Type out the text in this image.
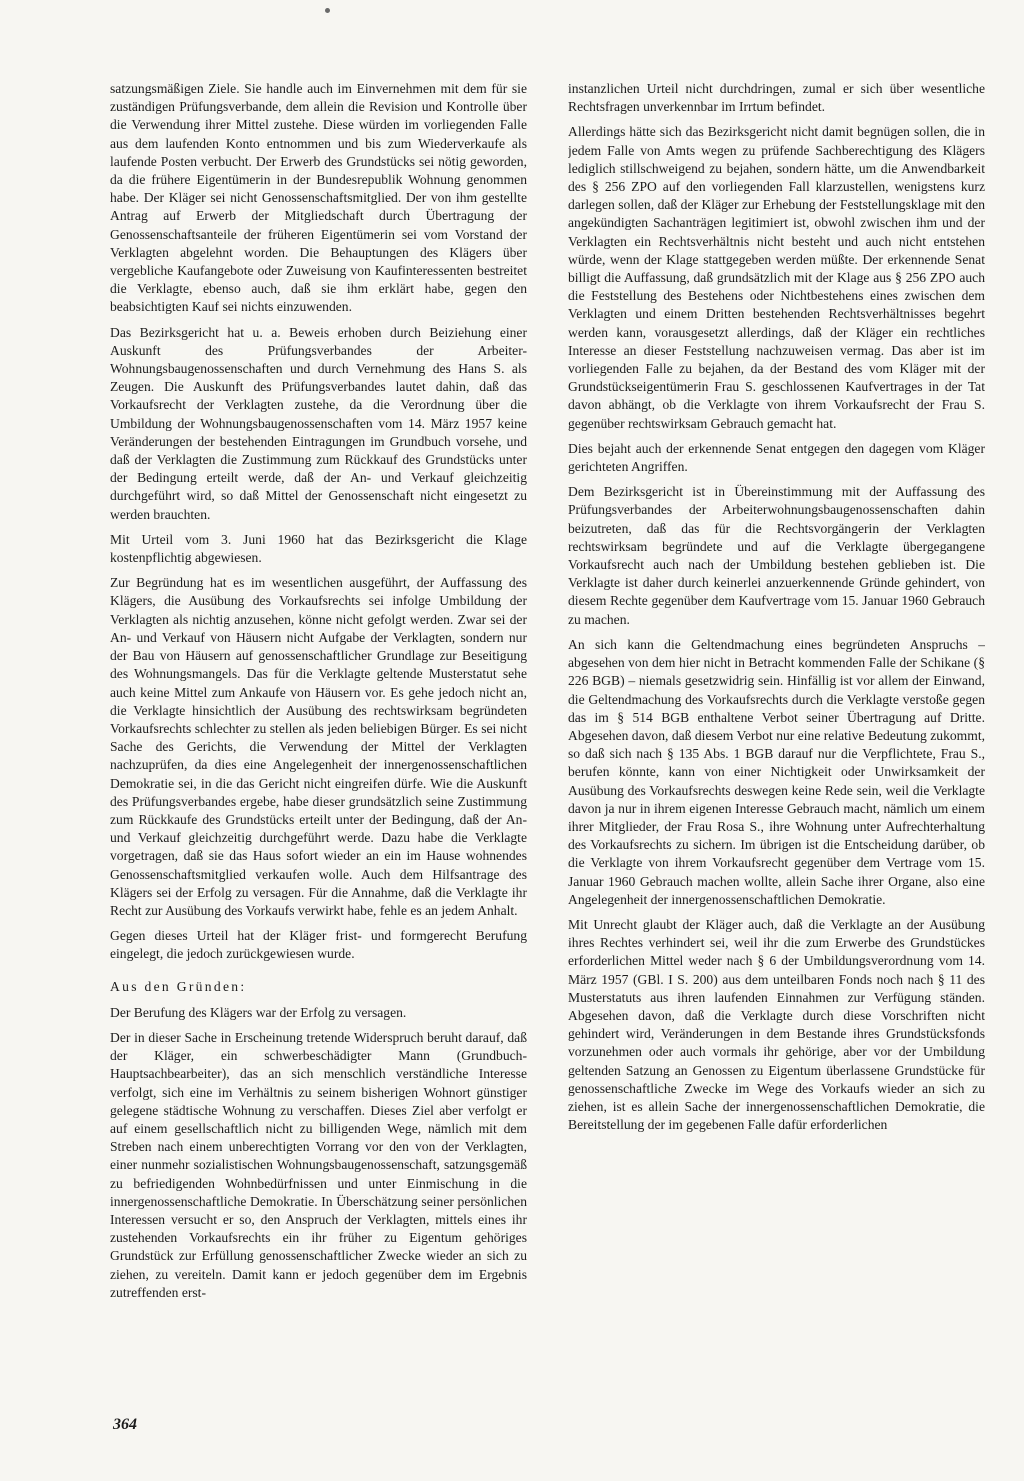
satzungsmäßigen Ziele. Sie handle auch im Einvernehmen mit dem für sie zuständigen Prüfungsverbande, dem allein die Revision und Kontrolle über die Verwendung ihrer Mittel zustehe. Diese würden im vorliegenden Falle aus dem laufenden Konto entnommen und bis zum Wiederverkaufe als laufende Posten verbucht. Der Erwerb des Grundstücks sei nötig geworden, da die frühere Eigentümerin in der Bundesrepublik Wohnung genommen habe. Der Kläger sei nicht Genossenschaftsmitglied. Der von ihm gestellte Antrag auf Erwerb der Mitgliedschaft durch Übertragung der Genossenschaftsanteile der früheren Eigentümerin sei vom Vorstand der Verklagten abgelehnt worden. Die Behauptungen des Klägers über vergebliche Kaufangebote oder Zuweisung von Kaufinteressenten bestreitet die Verklagte, ebenso auch, daß sie ihm erklärt habe, gegen den beabsichtigten Kauf sei nichts einzuwenden.

Das Bezirksgericht hat u. a. Beweis erhoben durch Beiziehung einer Auskunft des Prüfungsverbandes der Arbeiter-Wohnungsbaugenossenschaften und durch Vernehmung des Hans S. als Zeugen. Die Auskunft des Prüfungsverbandes lautet dahin, daß das Vorkaufsrecht der Verklagten zustehe, da die Verordnung über die Umbildung der Wohnungsbaugenossenschaften vom 14. März 1957 keine Veränderungen der bestehenden Eintragungen im Grundbuch vorsehe, und daß der Verklagten die Zustimmung zum Rückkauf des Grundstücks unter der Bedingung erteilt werde, daß der An- und Verkauf gleichzeitig durchgeführt wird, so daß Mittel der Genossenschaft nicht eingesetzt zu werden brauchten.

Mit Urteil vom 3. Juni 1960 hat das Bezirksgericht die Klage kostenpflichtig abgewiesen.

Zur Begründung hat es im wesentlichen ausgeführt, der Auffassung des Klägers, die Ausübung des Vorkaufsrechts sei infolge Umbildung der Verklagten als nichtig anzusehen, könne nicht gefolgt werden. Zwar sei der An- und Verkauf von Häusern nicht Aufgabe der Verklagten, sondern nur der Bau von Häusern auf genossenschaftlicher Grundlage zur Beseitigung des Wohnungsmangels. Das für die Verklagte geltende Musterstatut sehe auch keine Mittel zum Ankaufe von Häusern vor. Es gehe jedoch nicht an, die Verklagte hinsichtlich der Ausübung des rechtswirksam begründeten Vorkaufsrechts schlechter zu stellen als jeden beliebigen Bürger. Es sei nicht Sache des Gerichts, die Verwendung der Mittel der Verklagten nachzuprüfen, da dies eine Angelegenheit der innergenossenschaftlichen Demokratie sei, in die das Gericht nicht eingreifen dürfe. Wie die Auskunft des Prüfungsverbandes ergebe, habe dieser grundsätzlich seine Zustimmung zum Rückkaufe des Grundstücks erteilt unter der Bedingung, daß der An- und Verkauf gleichzeitig durchgeführt werde. Dazu habe die Verklagte vorgetragen, daß sie das Haus sofort wieder an ein im Hause wohnendes Genossenschaftsmitglied verkaufen wolle. Auch dem Hilfsantrage des Klägers sei der Erfolg zu versagen. Für die Annahme, daß die Verklagte ihr Recht zur Ausübung des Vorkaufs verwirkt habe, fehle es an jedem Anhalt.

Gegen dieses Urteil hat der Kläger frist- und formgerecht Berufung eingelegt, die jedoch zurückgewiesen wurde.

Aus den Gründen:

Der Berufung des Klägers war der Erfolg zu versagen.

Der in dieser Sache in Erscheinung tretende Widerspruch beruht darauf, daß der Kläger, ein schwerbeschädigter Mann (Grundbuch-Hauptsachbearbeiter), das an sich menschlich verständliche Interesse verfolgt, sich eine im Verhältnis zu seinem bisherigen Wohnort günstiger gelegene städtische Wohnung zu verschaffen. Dieses Ziel aber verfolgt er auf einem gesellschaftlich nicht zu billigenden Wege, nämlich mit dem Streben nach einem unberechtigten Vorrang vor den von der Verklagten, einer nunmehr sozialistischen Wohnungsbaugenossenschaft, satzungsgemäß zu befriedigenden Wohnbedürfnissen und unter Einmischung in die innergenossenschaftliche Demokratie. In Überschätzung seiner persönlichen Interessen versucht er so, den Anspruch der Verklagten, mittels eines ihr zustehenden Vorkaufsrechts ein ihr früher zu Eigentum gehöriges Grundstück zur Erfüllung genossenschaftlicher Zwecke wieder an sich zu ziehen, zu vereiteln. Damit kann er jedoch gegenüber dem im Ergebnis zutreffenden erst-

instanzlichen Urteil nicht durchdringen, zumal er sich über wesentliche Rechtsfragen unverkennbar im Irrtum befindet.

Allerdings hätte sich das Bezirksgericht nicht damit begnügen sollen, die in jedem Falle von Amts wegen zu prüfende Sachberechtigung des Klägers lediglich stillschweigend zu bejahen, sondern hätte, um die Anwendbarkeit des § 256 ZPO auf den vorliegenden Fall klarzustellen, wenigstens kurz darlegen sollen, daß der Kläger zur Erhebung der Feststellungsklage mit den angekündigten Sachanträgen legitimiert ist, obwohl zwischen ihm und der Verklagten ein Rechtsverhältnis nicht besteht und auch nicht entstehen würde, wenn der Klage stattgegeben werden müßte. Der erkennende Senat billigt die Auffassung, daß grundsätzlich mit der Klage aus § 256 ZPO auch die Feststellung des Bestehens oder Nichtbestehens eines zwischen dem Verklagten und einem Dritten bestehenden Rechtsverhältnisses begehrt werden kann, vorausgesetzt allerdings, daß der Kläger ein rechtliches Interesse an dieser Feststellung nachzuweisen vermag. Das aber ist im vorliegenden Falle zu bejahen, da der Bestand des vom Kläger mit der Grundstückseigentümerin Frau S. geschlossenen Kaufvertrages in der Tat davon abhängt, ob die Verklagte von ihrem Vorkaufsrecht der Frau S. gegenüber rechtswirksam Gebrauch gemacht hat.

Dies bejaht auch der erkennende Senat entgegen den dagegen vom Kläger gerichteten Angriffen.

Dem Bezirksgericht ist in Übereinstimmung mit der Auffassung des Prüfungsverbandes der Arbeiterwohnungsbaugenossenschaften dahin beizutreten, daß das für die Rechtsvorgängerin der Verklagten rechtswirksam begründete und auf die Verklagte übergegangene Vorkaufsrecht auch nach der Umbildung bestehen geblieben ist. Die Verklagte ist daher durch keinerlei anzuerkennende Gründe gehindert, von diesem Rechte gegenüber dem Kaufvertrage vom 15. Januar 1960 Gebrauch zu machen.

An sich kann die Geltendmachung eines begründeten Anspruchs – abgesehen von dem hier nicht in Betracht kommenden Falle der Schikane (§ 226 BGB) – niemals gesetzwidrig sein. Hinfällig ist vor allem der Einwand, die Geltendmachung des Vorkaufsrechts durch die Verklagte verstoße gegen das im § 514 BGB enthaltene Verbot seiner Übertragung auf Dritte. Abgesehen davon, daß diesem Verbot nur eine relative Bedeutung zukommt, so daß sich nach § 135 Abs. 1 BGB darauf nur die Verpflichtete, Frau S., berufen könnte, kann von einer Nichtigkeit oder Unwirksamkeit der Ausübung des Vorkaufsrechts deswegen keine Rede sein, weil die Verklagte davon ja nur in ihrem eigenen Interesse Gebrauch macht, nämlich um einem ihrer Mitglieder, der Frau Rosa S., ihre Wohnung unter Aufrechterhaltung des Vorkaufsrechts zu sichern. Im übrigen ist die Entscheidung darüber, ob die Verklagte von ihrem Vorkaufsrecht gegenüber dem Vertrage vom 15. Januar 1960 Gebrauch machen wollte, allein Sache ihrer Organe, also eine Angelegenheit der innergenossenschaftlichen Demokratie.

Mit Unrecht glaubt der Kläger auch, daß die Verklagte an der Ausübung ihres Rechtes verhindert sei, weil ihr die zum Erwerbe des Grundstückes erforderlichen Mittel weder nach § 6 der Umbildungsverordnung vom 14. März 1957 (GBl. I S. 200) aus dem unteilbaren Fonds noch nach § 11 des Musterstatuts aus ihren laufenden Einnahmen zur Verfügung ständen. Abgesehen davon, daß die Verklagte durch diese Vorschriften nicht gehindert wird, Veränderungen in dem Bestande ihres Grundstücksfonds vorzunehmen oder auch vormals ihr gehörige, aber vor der Umbildung geltenden Satzung an Genossen zu Eigentum überlassene Grundstücke für genossenschaftliche Zwecke im Wege des Vorkaufs wieder an sich zu ziehen, ist es allein Sache der innergenossenschaftlichen Demokratie, die Bereitstellung der im gegebenen Falle dafür erforderlichen

364
